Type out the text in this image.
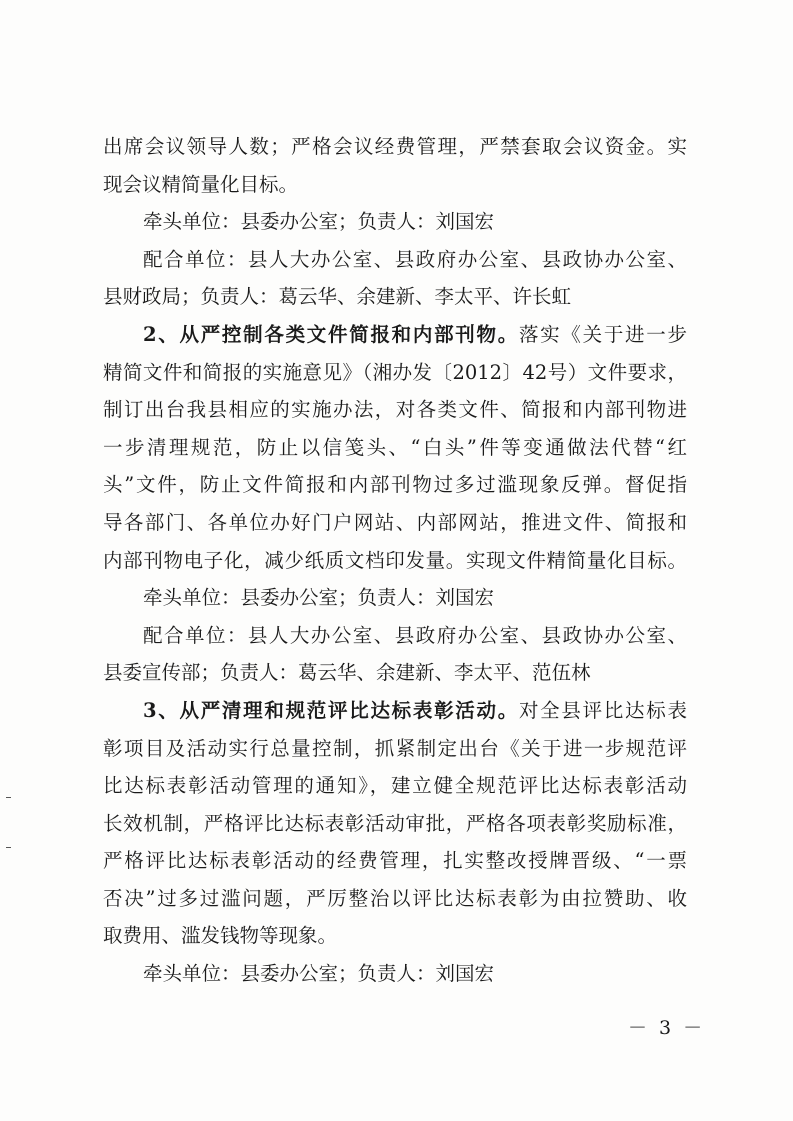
出席会议领导人数；严格会议经费管理，严禁套取会议资金。实
现会议精简量化目标。
牵头单位：县委办公室；负责人：刘国宏
配合单位：县人大办公室、县政府办公室、县政协办公室、
县财政局；负责人：葛云华、余建新、李太平、许长虹
2、从严控制各类文件简报和内部刊物。落实《关于进一步
精简文件和简报的实施意见》（湘办发〔2012〕42号）文件要求，
制订出台我县相应的实施办法，对各类文件、简报和内部刊物进
一步清理规范，防止以信笺头、“白头”件等变通做法代替“红
头”文件，防止文件简报和内部刊物过多过滥现象反弹。督促指
导各部门、各单位办好门户网站、内部网站，推进文件、简报和
内部刊物电子化，减少纸质文档印发量。实现文件精简量化目标。
牵头单位：县委办公室；负责人：刘国宏
配合单位：县人大办公室、县政府办公室、县政协办公室、
县委宣传部；负责人：葛云华、余建新、李太平、范伍林
3、从严清理和规范评比达标表彰活动。对全县评比达标表
彰项目及活动实行总量控制，抓紧制定出台《关于进一步规范评
比达标表彰活动管理的通知》，建立健全规范评比达标表彰活动
长效机制，严格评比达标表彰活动审批，严格各项表彰奖励标准，
严格评比达标表彰活动的经费管理，扎实整改授牌晋级、“一票
否决”过多过滥问题，严厉整治以评比达标表彰为由拉赞助、收
取费用、滥发钱物等现象。
牵头单位：县委办公室；负责人：刘国宏
－ 3 －
